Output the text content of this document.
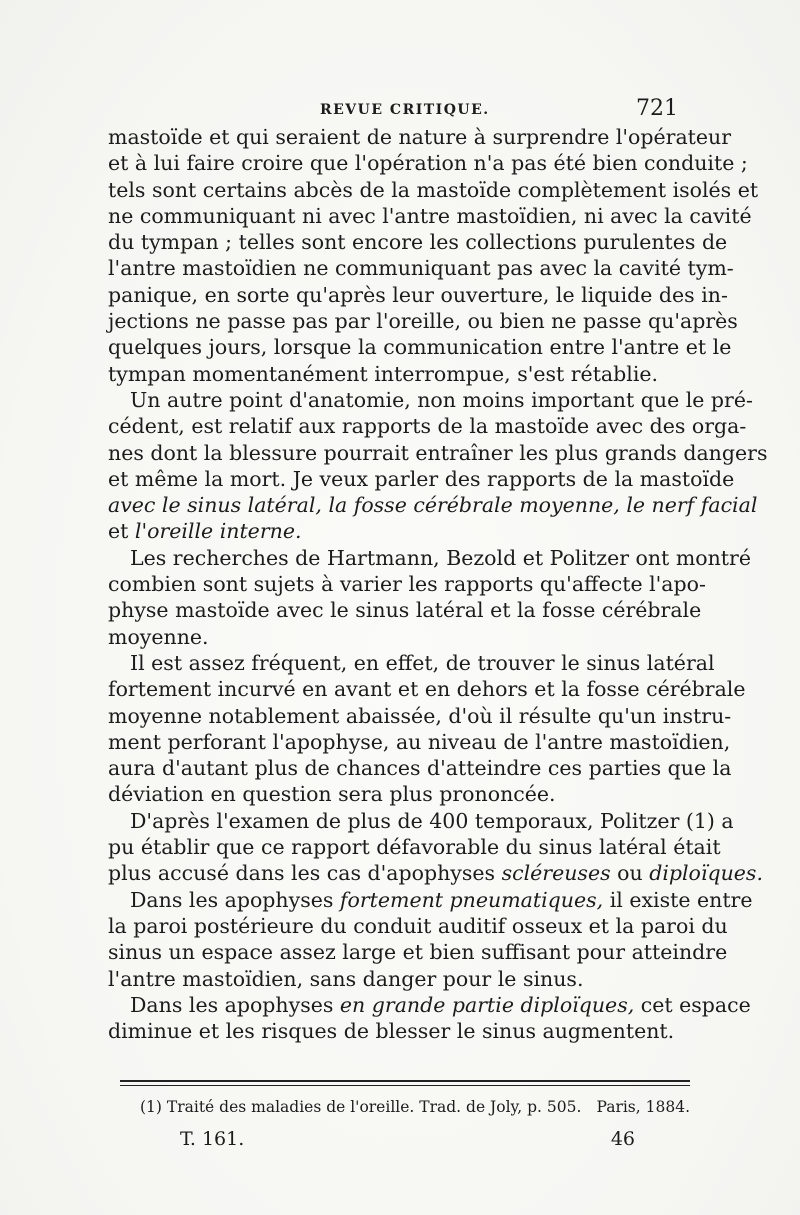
REVUE CRITIQUE.	721
mastoïde et qui seraient de nature à surprendre l'opérateur
et à lui faire croire que l'opération n'a pas été bien conduite ;
tels sont certains abcès de la mastoïde complètement isolés et
ne communiquant ni avec l'antre mastoïdien, ni avec la cavité
du tympan ; telles sont encore les collections purulentes de
l'antre mastoïdien ne communiquant pas avec la cavité tym-
panique, en sorte qu'après leur ouverture, le liquide des in-
jections ne passe pas par l'oreille, ou bien ne passe qu'après
quelques jours, lorsque la communication entre l'antre et le
tympan momentanément interrompue, s'est rétablie.
Un autre point d'anatomie, non moins important que le pré-
cédent, est relatif aux rapports de la mastoïde avec des orga-
nes dont la blessure pourrait entraîner les plus grands dangers
et même la mort. Je veux parler des rapports de la mastoïde
avec le sinus latéral, la fosse cérébrale moyenne, le nerf facial
et l'oreille interne.
Les recherches de Hartmann, Bezold et Politzer ont montré
combien sont sujets à varier les rapports qu'affecte l'apo-
physe mastoïde avec le sinus latéral et la fosse cérébrale
moyenne.
Il est assez fréquent, en effet, de trouver le sinus latéral
fortement incurvé en avant et en dehors et la fosse cérébrale
moyenne notablement abaissée, d'où il résulte qu'un instru-
ment perforant l'apophyse, au niveau de l'antre mastoïdien,
aura d'autant plus de chances d'atteindre ces parties que la
déviation en question sera plus prononcée.
D'après l'examen de plus de 400 temporaux, Politzer (1) a
pu établir que ce rapport défavorable du sinus latéral était
plus accusé dans les cas d'apophyses scléreuses ou diploïques.
Dans les apophyses fortement pneumatiques, il existe entre
la paroi postérieure du conduit auditif osseux et la paroi du
sinus un espace assez large et bien suffisant pour atteindre
l'antre mastoïdien, sans danger pour le sinus.
Dans les apophyses en grande partie diploïques, cet espace
diminue et les risques de blesser le sinus augmentent.
(1) Traité des maladies de l'oreille. Trad. de Joly, p. 505. Paris, 1884.
T. 161.	46
